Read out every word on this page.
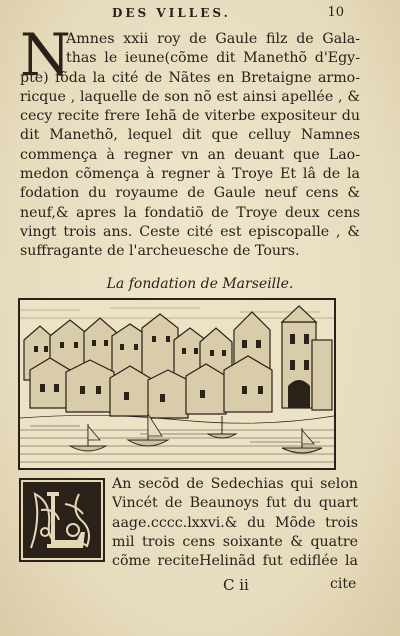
DES VILLES.	10
N
Amnes xxii roy de Gaule filz de Gala-
thas le ieune(cõme dit Manethõ d'Egy-
pte) fõda la cité de Nãtes en Bretaigne armo-
ricque , laquelle de son nõ est ainsi apellée , &
cecy recite frere Iehã de viterbe expositeur du
dit Manethõ, lequel dit que celluy Namnes
commença à regner vn an deuant que Lao-
medon cõmença à regner à Troye Et lâ de la
fodation du royaume de Gaule neuf cens &
neuf,& apres la fondatiõ de Troye deux cens
vingt trois ans. Ceste cité est episcopalle , &
suffragante de l'archeuesche de Tours.
La fondation de Marseille.
An secõd de Sedechias qui selon
Vincét de Beaunoys fut du quart
aage.cccc.lxxvi.& du Mõde trois
mil trois cens soixante & quatre
cõme reciteHelinãd fut ediflée la
C ii	cite
